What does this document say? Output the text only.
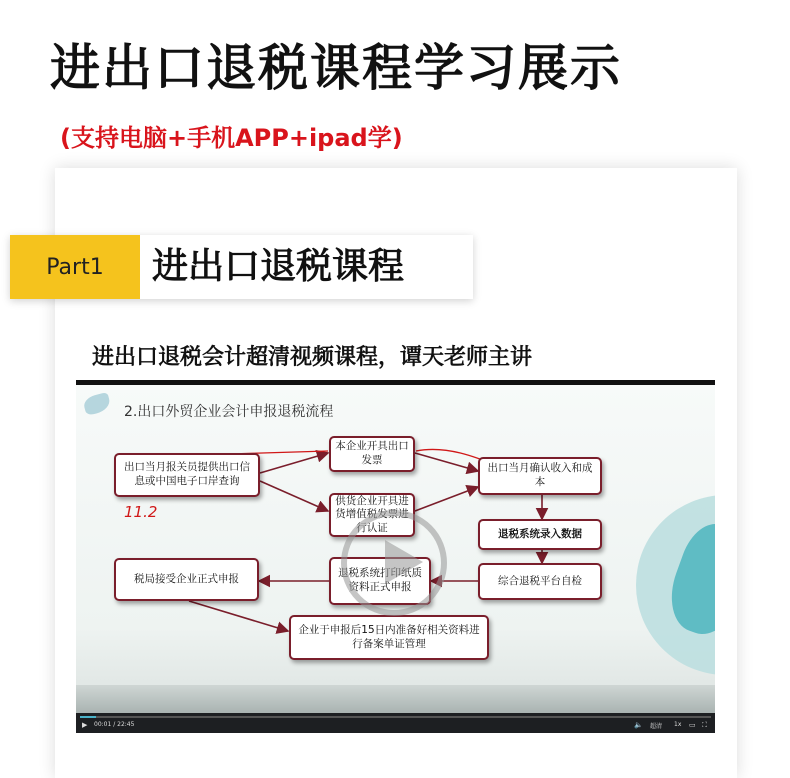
进出口退税课程学习展示
(支持电脑+手机APP+ipad学)
Part1	进出口退税课程
进出口退税会计超清视频课程，谭天老师主讲
2.出口外贸企业会计申报退税流程
11.2
出口当月报关员提供出口信息或中国电子口岸查询
本企业开具出口发票
供货企业开具进货增值税发票进行认证
出口当月确认收入和成本
退税系统录入数据
综合退税平台自检
退税系统打印纸质资料正式申报
税局接受企业正式申报
企业于申报后15日内准备好相关资料进行备案单证管理
▶ 00:01 / 22:45	🔈 超清 1x ▭ ⛶
